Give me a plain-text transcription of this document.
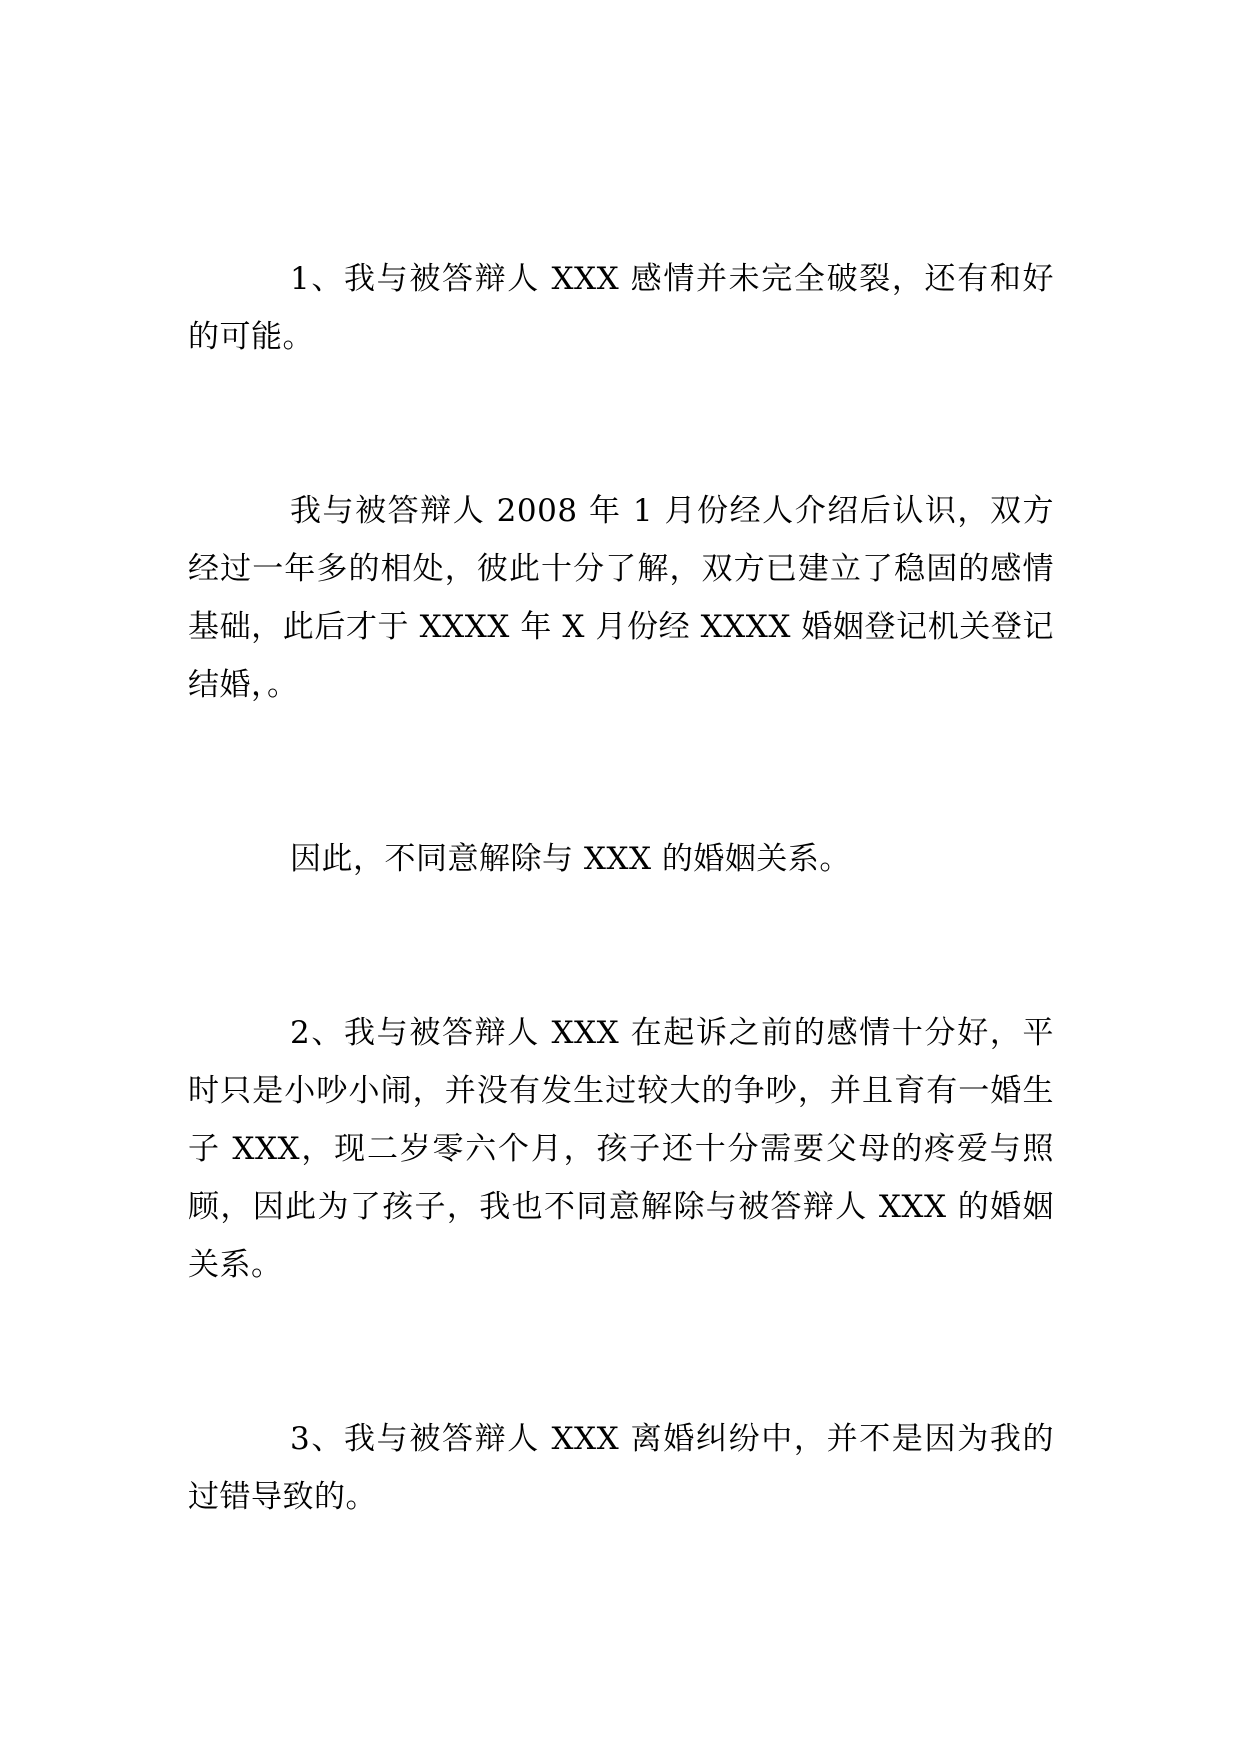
1、我与被答辩人 XXX 感情并未完全破裂，还有和好的可能。

我与被答辩人 2008 年 1 月份经人介绍后认识，双方经过一年多的相处，彼此十分了解，双方已建立了稳固的感情基础，此后才于 XXXX 年 X 月份经 XXXX 婚姻登记机关登记结婚，。

因此，不同意解除与 XXX 的婚姻关系。

2、我与被答辩人 XXX 在起诉之前的感情十分好，平时只是小吵小闹，并没有发生过较大的争吵，并且育有一婚生子 XXX，现二岁零六个月，孩子还十分需要父母的疼爱与照顾，因此为了孩子，我也不同意解除与被答辩人 XXX 的婚姻关系。

3、我与被答辩人 XXX 离婚纠纷中，并不是因为我的过错导致的。
